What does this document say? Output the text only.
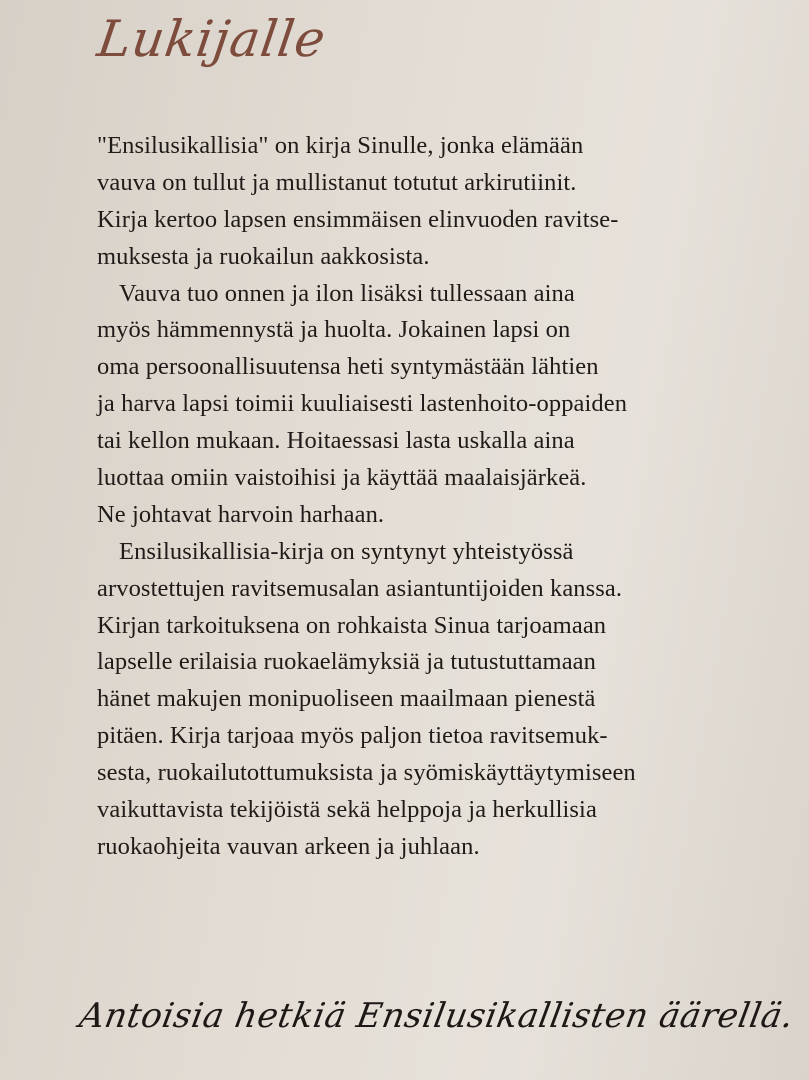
Lukijalle
"Ensilusikallisia" on kirja Sinulle, jonka elämään
vauva on tullut ja mullistanut totutut arkirutiinit.
Kirja kertoo lapsen ensimmäisen elinvuoden ravitse-
muksesta ja ruokailun aakkosista.
Vauva tuo onnen ja ilon lisäksi tullessaan aina
myös hämmennystä ja huolta. Jokainen lapsi on
oma persoonallisuutensa heti syntymästään lähtien
ja harva lapsi toimii kuuliaisesti lastenhoito-oppaiden
tai kellon mukaan. Hoitaessasi lasta uskalla aina
luottaa omiin vaistoihisi ja käyttää maalaisjärkeä.
Ne johtavat harvoin harhaan.
Ensilusikallisia-kirja on syntynyt yhteistyössä
arvostettujen ravitsemusalan asiantuntijoiden kanssa.
Kirjan tarkoituksena on rohkaista Sinua tarjoamaan
lapselle erilaisia ruokaelämyksiä ja tutustuttamaan
hänet makujen monipuoliseen maailmaan pienestä
pitäen. Kirja tarjoaa myös paljon tietoa ravitsemuk-
sesta, ruokailutottumuksista ja syömiskäyttäytymiseen
vaikuttavista tekijöistä sekä helppoja ja herkullisia
ruokaohjeita vauvan arkeen ja juhlaan.
Antoisia hetkiä Ensilusikallisten äärellä.
